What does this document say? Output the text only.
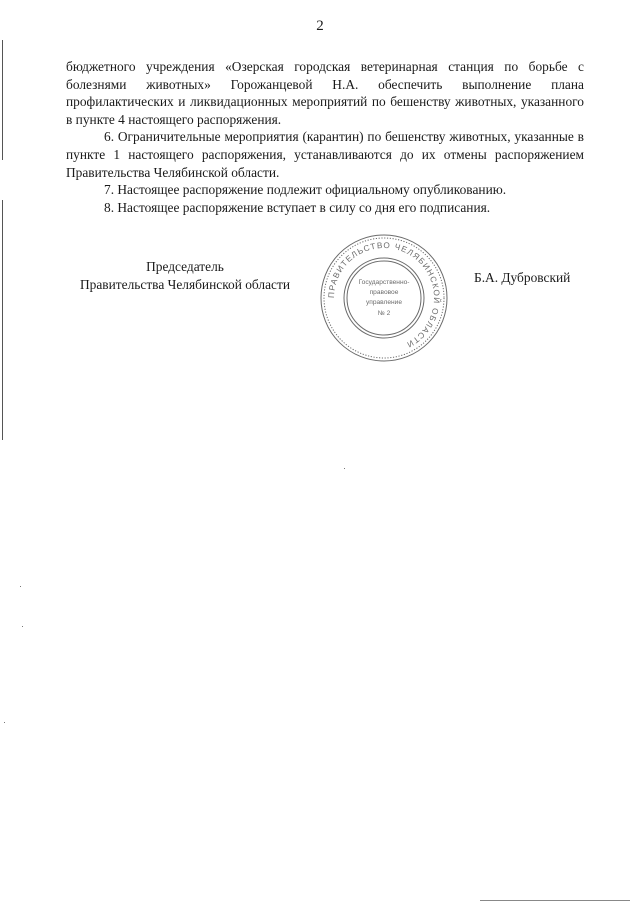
2

бюджетного учреждения «Озерская городская ветеринарная станция по борьбе с болезнями животных» Горожанцевой Н.А. обеспечить выполнение плана профилактических и ликвидационных мероприятий по бешенству животных, указанного в пункте 4 настоящего распоряжения.

6. Ограничительные мероприятия (карантин) по бешенству животных, указанные в пункте 1 настоящего распоряжения, устанавливаются до их отмены распоряжением Правительства Челябинской области.

7. Настоящее распоряжение подлежит официальному опубликованию.

8. Настоящее распоряжение вступает в силу со дня его подписания.

Председатель
Правительства Челябинской области
ПРАВИТЕЛЬСТВО ЧЕЛЯБИНСКОЙ ОБЛАСТИ
Государственно-
правовое
управление
№ 2
Б.А. Дубровский
